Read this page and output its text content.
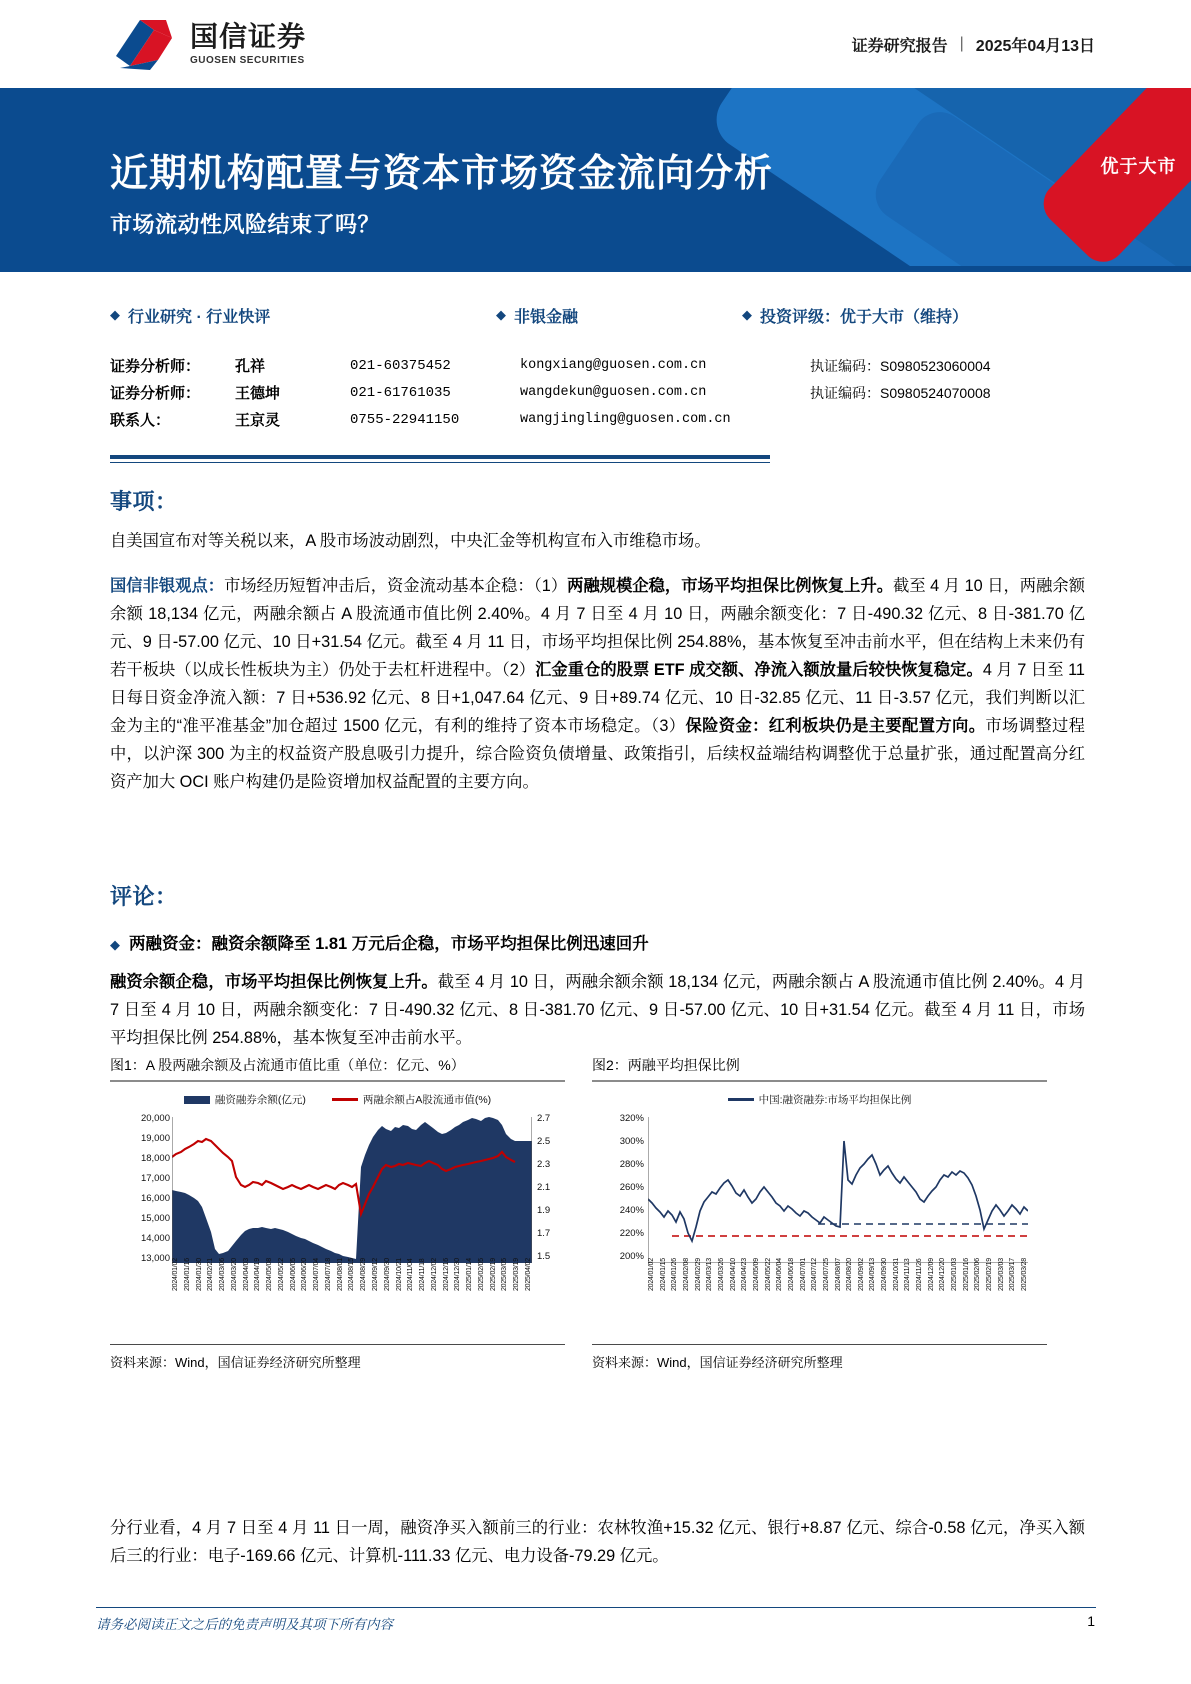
国信证券
GUOSEN SECURITIES
证券研究报告 | 2025年04月13日
优于大市
近期机构配置与资本市场资金流向分析
市场流动性风险结束了吗？
◆ 行业研究 · 行业快评	◆ 非银金融	◆ 投资评级：优于大市（维持）
证券分析师：	孔祥	021-60375452	kongxiang@guosen.com.cn	执证编码：S0980523060004
证券分析师：	王德坤	021-61761035	wangdekun@guosen.com.cn	执证编码：S0980524070008
联系人：	王京灵	0755-22941150	wangjingling@guosen.com.cn
事项：
自美国宣布对等关税以来，A 股市场波动剧烈，中央汇金等机构宣布入市维稳市场。
国信非银观点：市场经历短暂冲击后，资金流动基本企稳：（1）两融规模企稳，市场平均担保比例恢复上升。截至 4 月 10 日，两融余额余额 18,134 亿元，两融余额占 A 股流通市值比例 2.40%。4 月 7 日至 4 月 10 日，两融余额变化：7 日-490.32 亿元、8 日-381.70 亿元、9 日-57.00 亿元、10 日+31.54 亿元。截至 4 月 11 日，市场平均担保比例 254.88%，基本恢复至冲击前水平，但在结构上未来仍有若干板块（以成长性板块为主）仍处于去杠杆进程中。（2）汇金重仓的股票 ETF 成交额、净流入额放量后较快恢复稳定。4 月 7 日至 11 日每日资金净流入额：7 日+536.92 亿元、8 日+1,047.64 亿元、9 日+89.74 亿元、10 日-32.85 亿元、11 日-3.57 亿元，我们判断以汇金为主的“准平准基金”加仓超过 1500 亿元，有利的维持了资本市场稳定。（3）保险资金：红利板块仍是主要配置方向。市场调整过程中，以沪深 300 为主的权益资产股息吸引力提升，综合险资负债增量、政策指引，后续权益端结构调整优于总量扩张，通过配置高分红资产加大 OCI 账户构建仍是险资增加权益配置的主要方向。
评论：
◆ 两融资金：融资余额降至 1.81 万元后企稳，市场平均担保比例迅速回升
融资余额企稳，市场平均担保比例恢复上升。截至 4 月 10 日，两融余额余额 18,134 亿元，两融余额占 A 股流通市值比例 2.40%。4 月 7 日至 4 月 10 日，两融余额变化：7 日-490.32 亿元、8 日-381.70 亿元、9 日-57.00 亿元、10 日+31.54 亿元。截至 4 月 11 日，市场平均担保比例 254.88%，基本恢复至冲击前水平。
图1：A 股两融余额及占流通市值比重（单位：亿元、%）
融资融券余额(亿元)	两融余额占A股流通市值(%)
20,000
19,000
18,000
17,000
16,000
15,000
14,000
13,000
2.7
2.5
2.3
2.1
1.9
1.7
1.5
2024/01/02 2024/01/16 2024/01/30 2024/02/21 2024/03/06 2024/03/20 2024/04/03 2024/04/19 2024/05/08 2024/05/22 2024/06/05 2024/06/20 2024/07/04 2024/07/18 2024/08/01 2024/08/15 2024/08/29 2024/09/12 2024/09/30 2024/10/21 2024/11/04 2024/11/18 2024/12/02 2024/12/16 2024/12/30 2025/01/14 2025/02/05 2025/02/19 2025/03/05 2025/03/19 2025/04/02
资料来源：Wind，国信证券经济研究所整理
图2：两融平均担保比例
中国:融资融券:市场平均担保比例
320%
300%
280%
260%
240%
220%
200%
2024/01/02 2024/01/15 2024/01/26 2024/02/08 2024/02/29 2024/03/13 2024/03/26 2024/04/10 2024/04/23 2024/05/09 2024/05/22 2024/06/04 2024/06/18 2024/07/01 2024/07/12 2024/07/25 2024/08/07 2024/08/20 2024/09/02 2024/09/13 2024/09/30 2024/10/31 2024/11/13 2024/11/26 2024/12/09 2024/12/20 2025/01/03 2025/01/16 2025/02/06 2025/02/19 2025/03/03 2025/03/17 2025/03/28
资料来源：Wind，国信证券经济研究所整理
分行业看，4 月 7 日至 4 月 11 日一周，融资净买入额前三的行业：农林牧渔+15.32 亿元、银行+8.87 亿元、综合-0.58 亿元，净买入额后三的行业：电子-169.66 亿元、计算机-111.33 亿元、电力设备-79.29 亿元。
请务必阅读正文之后的免责声明及其项下所有内容	1
